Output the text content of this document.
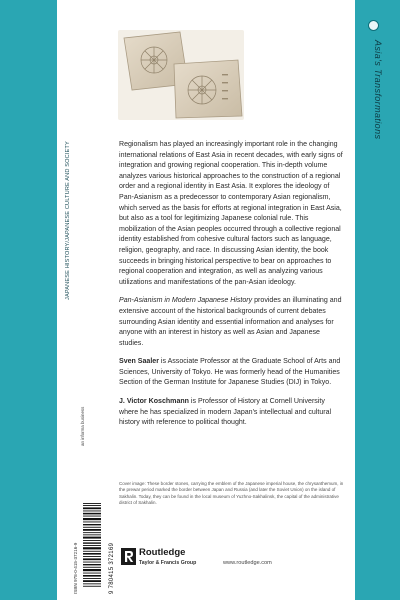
JAPANESE HISTORY/JAPANESE CULTURE AND SOCIETY
Asia's Transformations

Regionalism has played an increasingly important role in the changing international relations of East Asia in recent decades, with early signs of integration and growing regional cooperation. This in-depth volume analyzes various historical approaches to the construction of a regional order and a regional identity in East Asia. It explores the ideology of Pan-Asianism as a predecessor to contemporary Asian regionalism, which served as the basis for efforts at regional integration in East Asia, but also as a tool for legitimizing Japanese colonial rule. This mobilization of the Asian peoples occurred through a collective regional identity established from cohesive cultural factors such as language, religion, geography, and race. In discussing Asian identity, the book succeeds in bringing historical perspective to bear on approaches to regional cooperation and integration, as well as analyzing various utilizations and manifestations of the pan-Asian ideology.

Pan-Asianism in Modern Japanese History provides an illuminating and extensive account of the historical backgrounds of current debates surrounding Asian identity and essential information and analyses for anyone with an interest in history as well as Asian and Japanese studies.

Sven Saaler is Associate Professor at the Graduate School of Arts and Sciences, University of Tokyo. He was formerly head of the Humanities Section of the German Institute for Japanese Studies (DIJ) in Tokyo.

J. Victor Koschmann is Professor of History at Cornell University where he has specialized in modern Japan's intellectual and cultural history with reference to political thought.

Cover image: These border stones, carrying the emblem of the Japanese imperial house, the chrysanthemum, in the prewar period marked the border between Japan and Russia (and later the Soviet Union) on the island of Sakhalin. Today, they can be found in the local museum of Yuzhno-Sakhalinsk, the capital of the administrative district of Sakhalin.
an informa business
ISBN 978-0-415-37216-9	9 780415 372169	Routledge
Taylor & Francis Group	www.routledge.com
